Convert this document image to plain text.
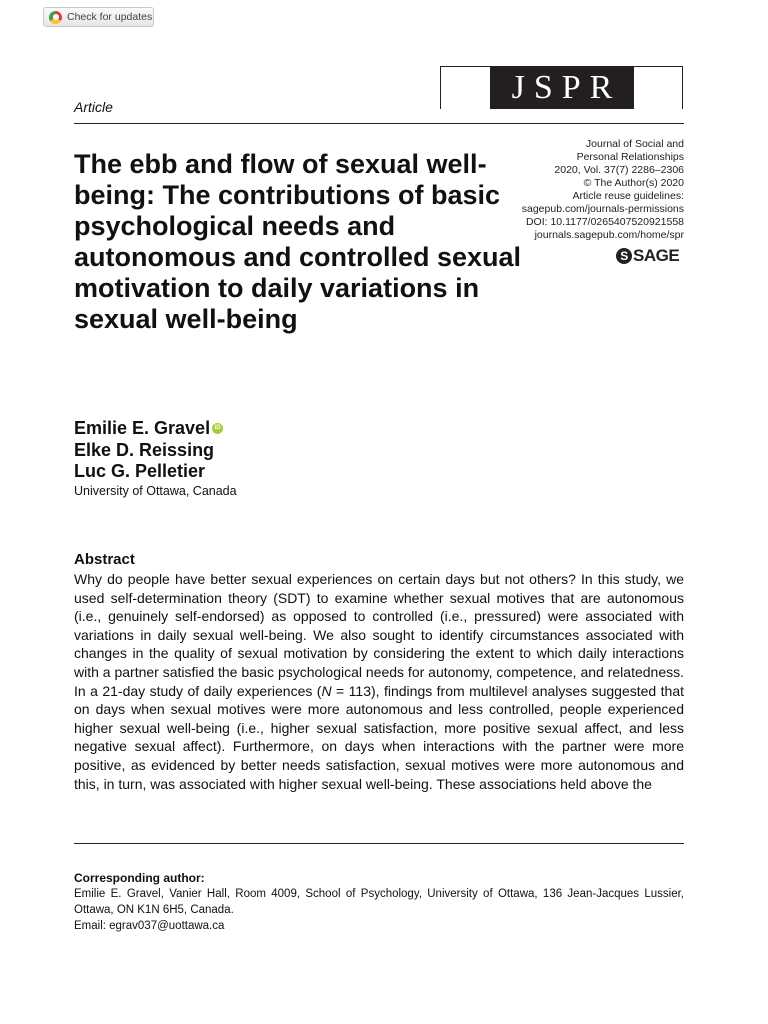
Check for updates
JSPR
Article
Journal of Social and
Personal Relationships
2020, Vol. 37(7) 2286–2306
© The Author(s) 2020
Article reuse guidelines:
sagepub.com/journals-permissions
DOI: 10.1177/0265407520921558
journals.sagepub.com/home/spr
S SAGE
The ebb and flow of sexual well-being: The contributions of basic psychological needs and autonomous and controlled sexual motivation to daily variations in sexual well-being
Emilie E. Gravel iD
Elke D. Reissing
Luc G. Pelletier
University of Ottawa, Canada
Abstract

Why do people have better sexual experiences on certain days but not others? In this study, we used self-determination theory (SDT) to examine whether sexual motives that are autonomous (i.e., genuinely self-endorsed) as opposed to controlled (i.e., pressured) were associated with variations in daily sexual well-being. We also sought to identify circumstances associated with changes in the quality of sexual motivation by considering the extent to which daily interactions with a partner satisfied the basic psychological needs for autonomy, competence, and relatedness. In a 21-day study of daily experiences (N = 113), findings from multilevel analyses suggested that on days when sexual motives were more autonomous and less controlled, people experienced higher sexual well-being (i.e., higher sexual satisfaction, more positive sexual affect, and less negative sexual affect). Furthermore, on days when interactions with the partner were more positive, as evidenced by better needs satisfaction, sexual motives were more autonomous and this, in turn, was associated with higher sexual well-being. These associations held above the

Corresponding author:
Emilie E. Gravel, Vanier Hall, Room 4009, School of Psychology, University of Ottawa, 136 Jean-Jacques Lussier, Ottawa, ON K1N 6H5, Canada.
Email: egrav037@uottawa.ca
